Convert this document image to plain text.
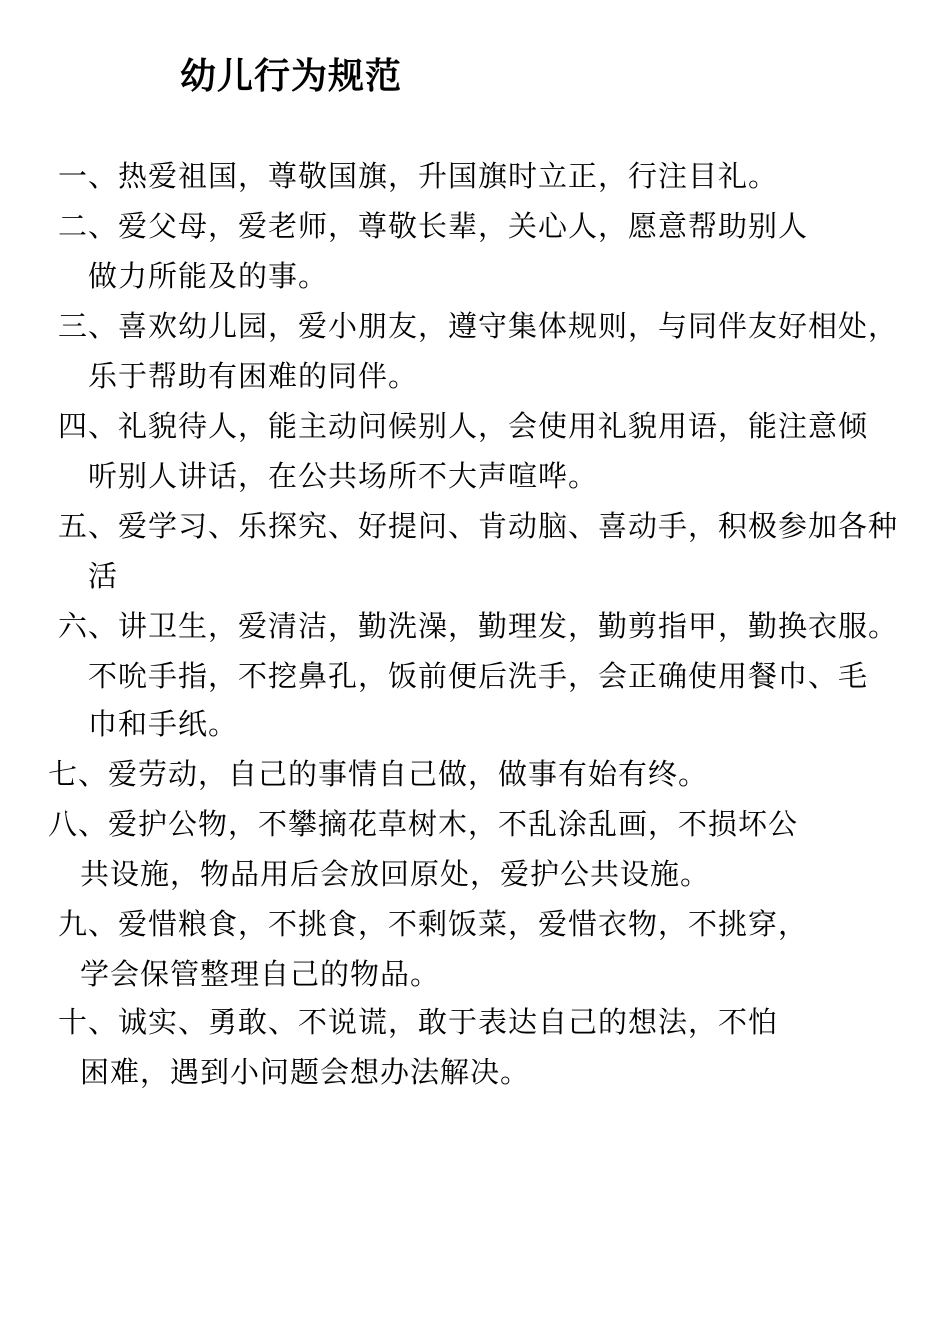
幼儿行为规范
一、热爱祖国，尊敬国旗，升国旗时立正，行注目礼。
二、爱父母，爱老师，尊敬长辈，关心人，愿意帮助别人
做力所能及的事。
三、喜欢幼儿园，爱小朋友，遵守集体规则，与同伴友好相处，
乐于帮助有困难的同伴。
四、礼貌待人，能主动问候别人，会使用礼貌用语，能注意倾
听别人讲话，在公共场所不大声喧哗。
五、爱学习、乐探究、好提问、肯动脑、喜动手，积极参加各种
活
六、讲卫生，爱清洁，勤洗澡，勤理发，勤剪指甲，勤换衣服。
不吮手指，不挖鼻孔，饭前便后洗手，会正确使用餐巾、毛
巾和手纸。
七、爱劳动，自己的事情自己做，做事有始有终。
八、爱护公物，不攀摘花草树木，不乱涂乱画，不损坏公
共设施，物品用后会放回原处，爱护公共设施。
九、爱惜粮食，不挑食，不剩饭菜，爱惜衣物，不挑穿，
学会保管整理自己的物品。
十、诚实、勇敢、不说谎，敢于表达自己的想法，不怕
困难，遇到小问题会想办法解决。
